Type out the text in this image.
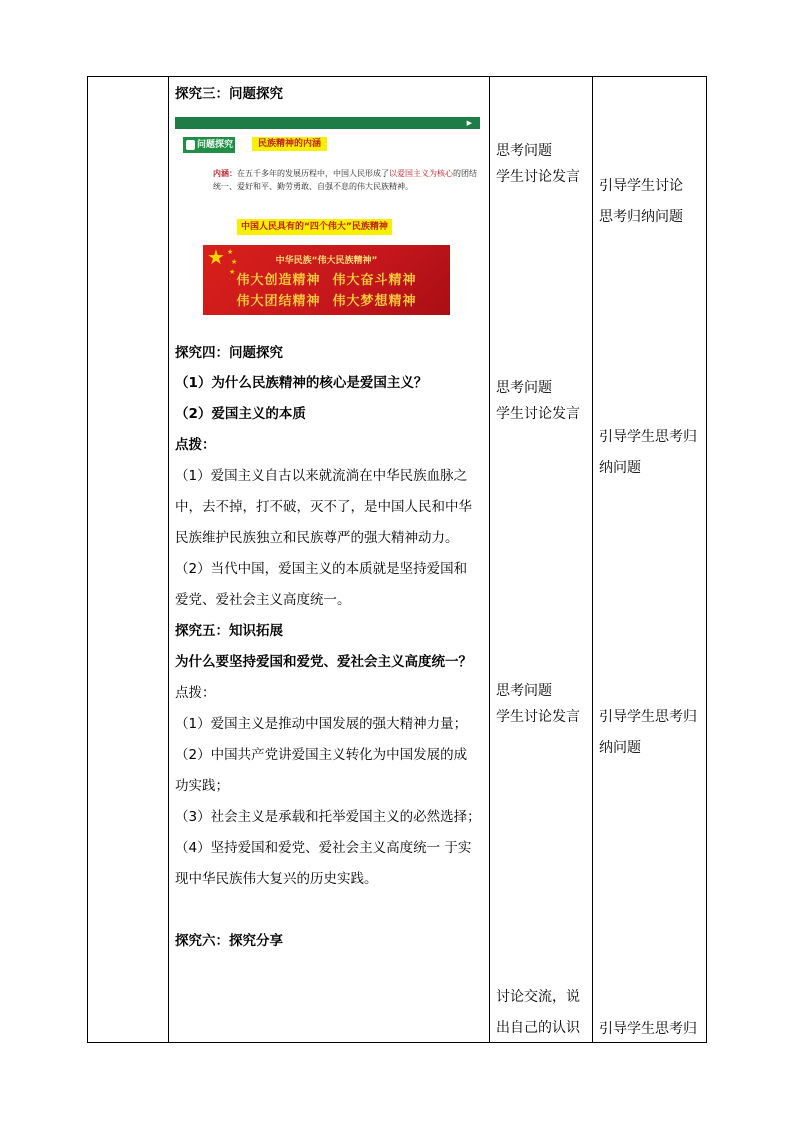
探究三：问题探究
▶
问题探究	民族精神的内涵
内涵：在五千多年的发展历程中，中国人民形成了以爱国主义为核心的团结统一、爱好和平、勤劳勇敢、自强不息的伟大民族精神。
中国人民具有的“四个伟大”民族精神
★ ★
★
★
中华民族“伟大民族精神”
伟大创造精神 伟大奋斗精神
伟大团结精神 伟大梦想精神
探究四：问题探究
（1）为什么民族精神的核心是爱国主义？
（2）爱国主义的本质
点拨：
（1）爱国主义自古以来就流淌在中华民族血脉之
中，去不掉，打不破，灭不了，是中国人民和中华
民族维护民族独立和民族尊严的强大精神动力。
（2）当代中国，爱国主义的本质就是坚持爱国和
爱党、爱社会主义高度统一。
探究五：知识拓展
为什么要坚持爱国和爱党、爱社会主义高度统一？
点拨：
（1）爱国主义是推动中国发展的强大精神力量；
（2）中国共产党讲爱国主义转化为中国发展的成
功实践；
（3）社会主义是承载和托举爱国主义的必然选择；
（4）坚持爱国和爱党、爱社会主义高度统一 于实
现中华民族伟大复兴的历史实践。
探究六：探究分享
思考问题
学生讨论发言
思考问题
学生讨论发言
思考问题
学生讨论发言
讨论交流，说
出自己的认识
引导学生讨论
思考归纳问题
引导学生思考归
纳问题
引导学生思考归
纳问题
引导学生思考归
